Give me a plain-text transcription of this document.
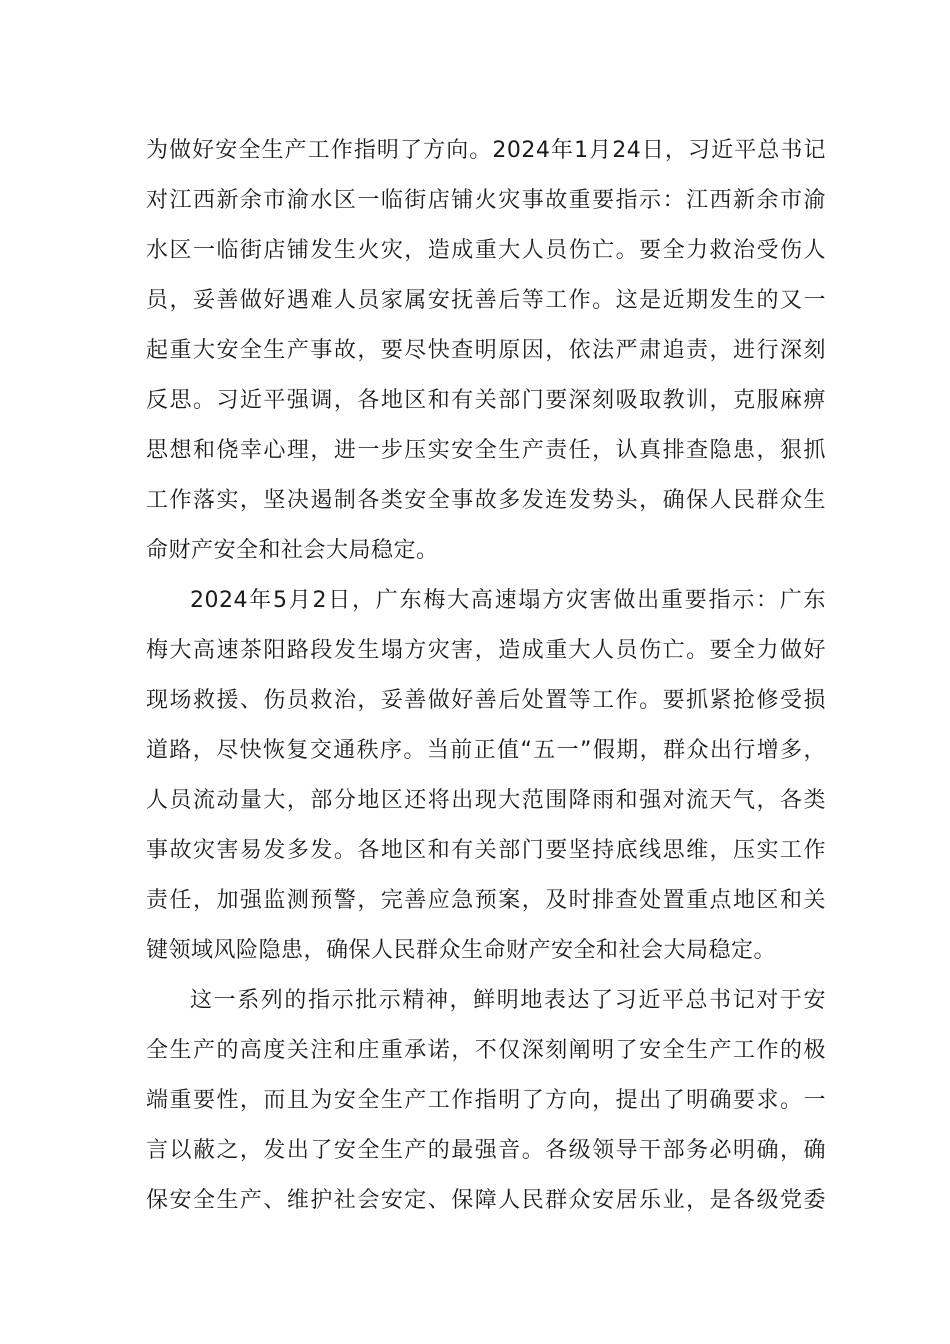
为做好安全生产工作指明了方向。2024年1月24日，习近平总书记
对江西新余市渝水区一临街店铺火灾事故重要指示：江西新余市渝
水区一临街店铺发生火灾，造成重大人员伤亡。要全力救治受伤人
员，妥善做好遇难人员家属安抚善后等工作。这是近期发生的又一
起重大安全生产事故，要尽快查明原因，依法严肃追责，进行深刻
反思。习近平强调，各地区和有关部门要深刻吸取教训，克服麻痹
思想和侥幸心理，进一步压实安全生产责任，认真排查隐患，狠抓
工作落实，坚决遏制各类安全事故多发连发势头，确保人民群众生
命财产安全和社会大局稳定。
2024年5月2日，广东梅大高速塌方灾害做出重要指示：广东
梅大高速茶阳路段发生塌方灾害，造成重大人员伤亡。要全力做好
现场救援、伤员救治，妥善做好善后处置等工作。要抓紧抢修受损
道路，尽快恢复交通秩序。当前正值“五一”假期，群众出行增多，
人员流动量大，部分地区还将出现大范围降雨和强对流天气，各类
事故灾害易发多发。各地区和有关部门要坚持底线思维，压实工作
责任，加强监测预警，完善应急预案，及时排查处置重点地区和关
键领域风险隐患，确保人民群众生命财产安全和社会大局稳定。
这一系列的指示批示精神，鲜明地表达了习近平总书记对于安
全生产的高度关注和庄重承诺，不仅深刻阐明了安全生产工作的极
端重要性，而且为安全生产工作指明了方向，提出了明确要求。一
言以蔽之，发出了安全生产的最强音。各级领导干部务必明确，确
保安全生产、维护社会安定、保障人民群众安居乐业，是各级党委
